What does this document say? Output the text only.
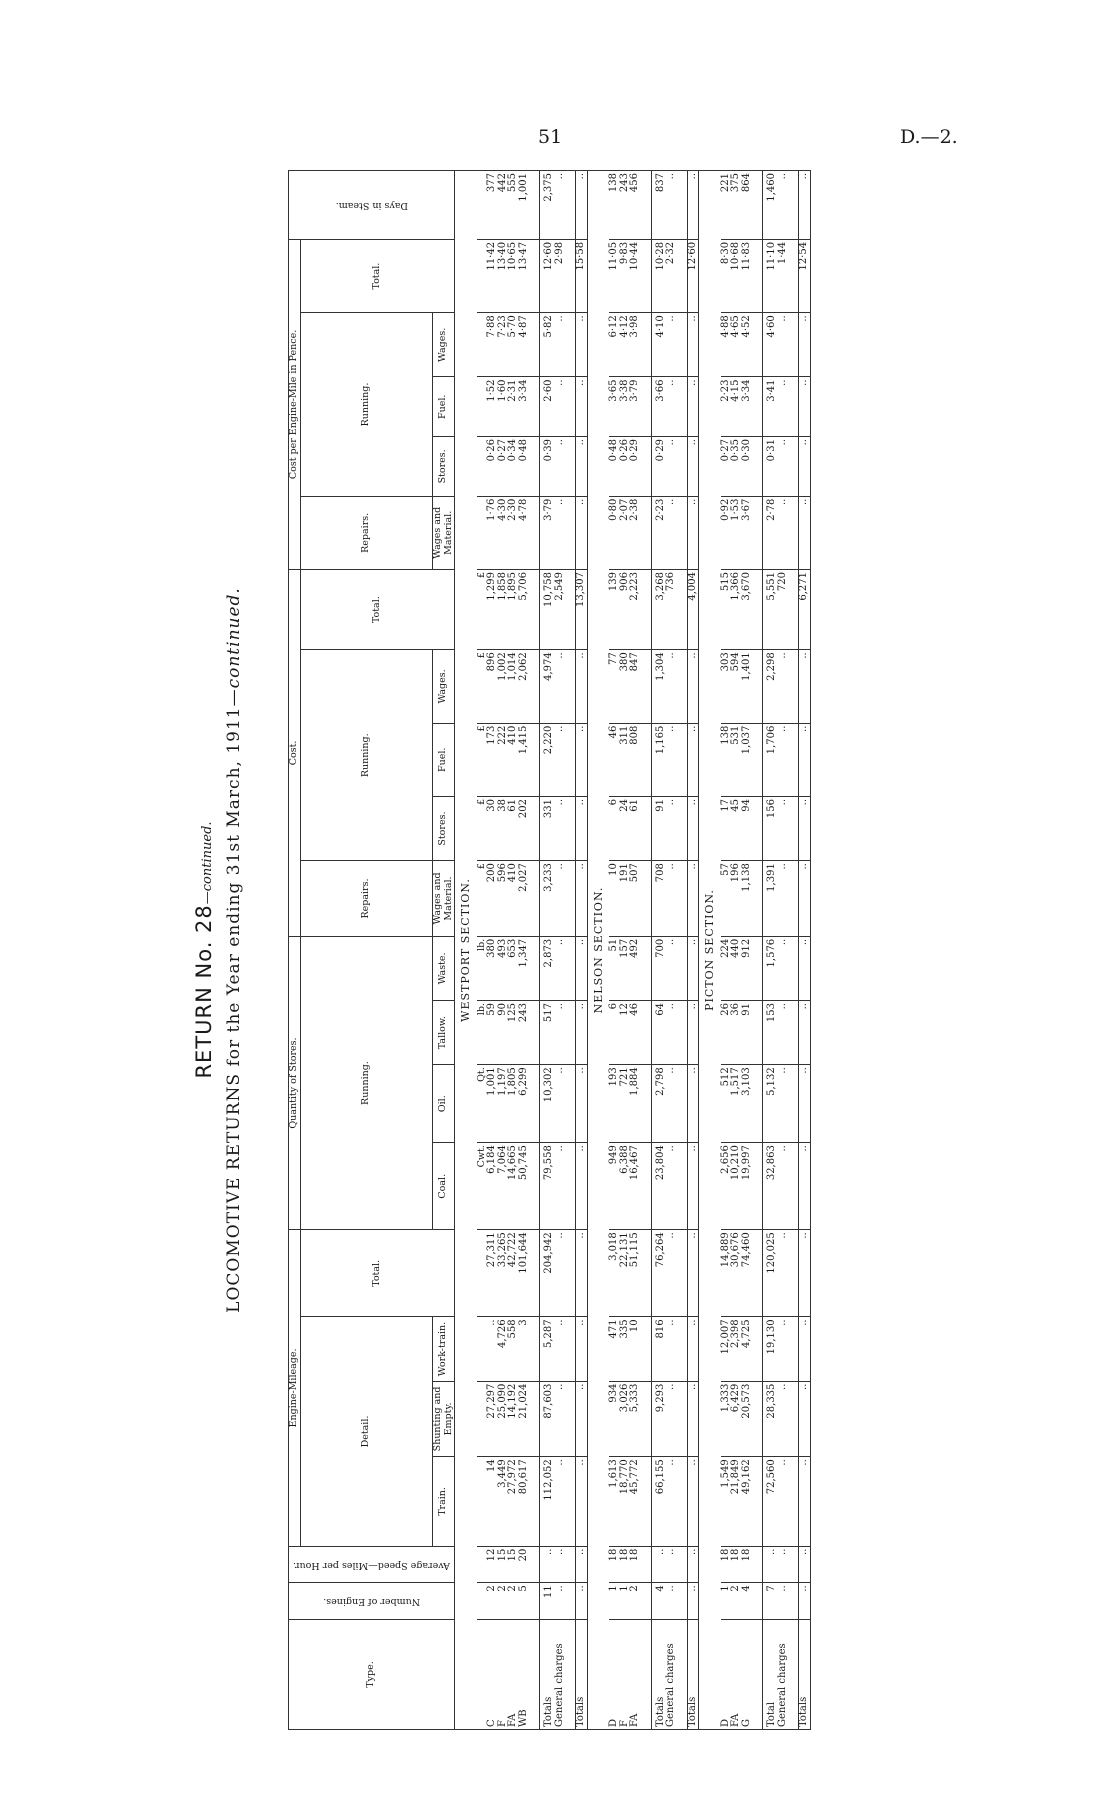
51	D.—2.
RETURN No. 28—continued. LOCOMOTIVE RETURNS for the Year ending 31st March, 1911—continued.
Type.	Number of Engines.	Average Speed—Miles per Hour.	Engine-Mileage.				Quantity of Stores.				Cost.					Cost per Engine-Mile in Pence.					Days in Steam.
			Detail.			Total.	Running.				Repairs.	Running.			Total.	Repairs.	Running.			Total.	
			Train.	Shunting and Empty.	Work-train.		Coal.	Oil.	Tallow.	Waste.	Wages and Material.	Stores.	Fuel.	Wages.		Wages and Material.	Stores.	Fuel.	Wages.		
WESTPORT SECTION.																					
							Cwt.	Qt.	lb.	lb.	£	£	£	£	£						
C	2	12	14	27,297	..	27,311	6,184	1,001	59	380	200	30	173	896	1,299	1·76	0·26	1·52	7·88	11·42	377
F	2	15	3,449	25,090	4,726	33,265	7,064	1,197	90	493	596	38	222	1,002	1,858	4·30	0·27	1·60	7·23	13·40	442
FA	2	15	27,972	14,192	558	42,722	14,665	1,805	125	653	410	61	410	1,014	1,895	2·30	0·34	2·31	5·70	10·65	555
WB	5	20	80,617	21,024	3	101,644	50,745	6,299	243	1,347	2,027	202	1,415	2,062	5,706	4·78	0·48	3·34	4·87	13·47	1,001

Totals	11	..	112,052	87,603	5,287	204,942	79,558	10,302	517	2,873	3,233	331	2,220	4,974	10,758	3·79	0·39	2·60	5·82	12·60	2,375
General charges	..	..	..	..	..	..	..	..	..	..	..	..	..	..	2,549	..	..	..	..	2·98	..

Totals	..	..	..	..	..	..	..	..	..	..	..	..	..	..	13,307	..	..	..	..	15·58	..
NELSON SECTION.																					
D	1	18	1,613	934	471	3,018	949	193	6	51	10	6	46	77	139	0·80	0·48	3·65	6·12	11·05	138
F	1	18	18,770	3,026	335	22,131	6,388	721	12	157	191	24	311	380	906	2·07	0·26	3·38	4·12	9·83	243
FA	2	18	45,772	5,333	10	51,115	16,467	1,884	46	492	507	61	808	847	2,223	2·38	0·29	3·79	3·98	10·44	456

Totals	4	..	66,155	9,293	816	76,264	23,804	2,798	64	700	708	91	1,165	1,304	3,268	2·23	0·29	3·66	4·10	10·28	837
General charges	..	..	..	..	..	..	..	..	..	..	..	..	..	..	736	..	..	..	..	2·32	..

Totals	..	..	..	..	..	..	..	..	..	..	..	..	..	..	4,004	..	..	..	..	12·60	..
PICTON SECTION.																					
D	1	18	1,549	1,333	12,007	14,889	2,656	512	26	224	57	17	138	303	515	0·92	0·27	2·23	4·88	8·30	221
FA	2	18	21,849	6,429	2,398	30,676	10,210	1,517	36	440	196	45	531	594	1,366	1·53	0·35	4·15	4·65	10·68	375
G	4	18	49,162	20,573	4,725	74,460	19,997	3,103	91	912	1,138	94	1,037	1,401	3,670	3·67	0·30	3·34	4·52	11·83	864

Total	7	..	72,560	28,335	19,130	120,025	32,863	5,132	153	1,576	1,391	156	1,706	2,298	5,551	2·78	0·31	3·41	4·60	11·10	1,460
General charges	..	..	..	..	..	..	..	..	..	..	..	..	..	..	720	..	..	..	..	1·44	..

Totals	..	..	..	..	..	..	..	..	..	..	..	..	..	..	6,271	..	..	..	..	12·54	..
